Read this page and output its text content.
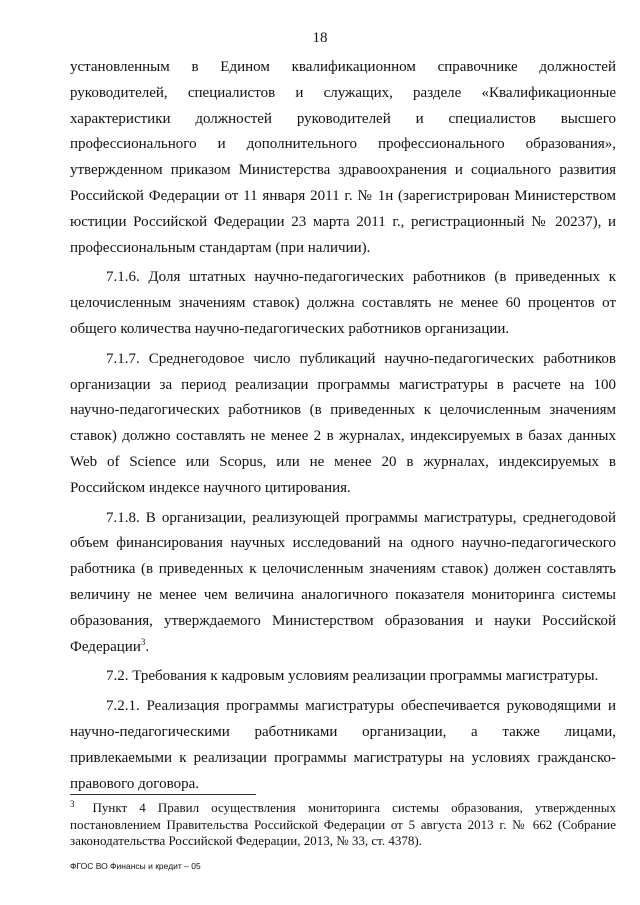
18

установленным в Едином квалификационном справочнике должностей руководителей, специалистов и служащих, разделе «Квалификационные характеристики должностей руководителей и специалистов высшего профессионального и дополнительного профессионального образования», утвержденном приказом Министерства здравоохранения и социального развития Российской Федерации от 11 января 2011 г. № 1н (зарегистрирован Министерством юстиции Российской Федерации 23 марта 2011 г., регистрационный № 20237), и профессиональным стандартам (при наличии).

7.1.6. Доля штатных научно-педагогических работников (в приведенных к целочисленным значениям ставок) должна составлять не менее 60 процентов от общего количества научно-педагогических работников организации.

7.1.7. Среднегодовое число публикаций научно-педагогических работников организации за период реализации программы магистратуры в расчете на 100 научно-педагогических работников (в приведенных к целочисленным значениям ставок) должно составлять не менее 2 в журналах, индексируемых в базах данных Web of Science или Scopus, или не менее 20 в журналах, индексируемых в Российском индексе научного цитирования.

7.1.8. В организации, реализующей программы магистратуры, среднегодовой объем финансирования научных исследований на одного научно-педагогического работника (в приведенных к целочисленным значениям ставок) должен составлять величину не менее чем величина аналогичного показателя мониторинга системы образования, утверждаемого Министерством образования и науки Российской Федерации$^3$.

7.2. Требования к кадровым условиям реализации программы магистратуры.

7.2.1. Реализация программы магистратуры обеспечивается руководящими и научно-педагогическими работниками организации, а также лицами, привлекаемыми к реализации программы магистратуры на условиях гражданско-правового договора.

$^3$ Пункт 4 Правил осуществления мониторинга системы образования, утвержденных постановлением Правительства Российской Федерации от 5 августа 2013 г. № 662 (Собрание законодательства Российской Федерации, 2013, № 33, ст. 4378).
ФГОС ВО Финансы и кредит – 05
